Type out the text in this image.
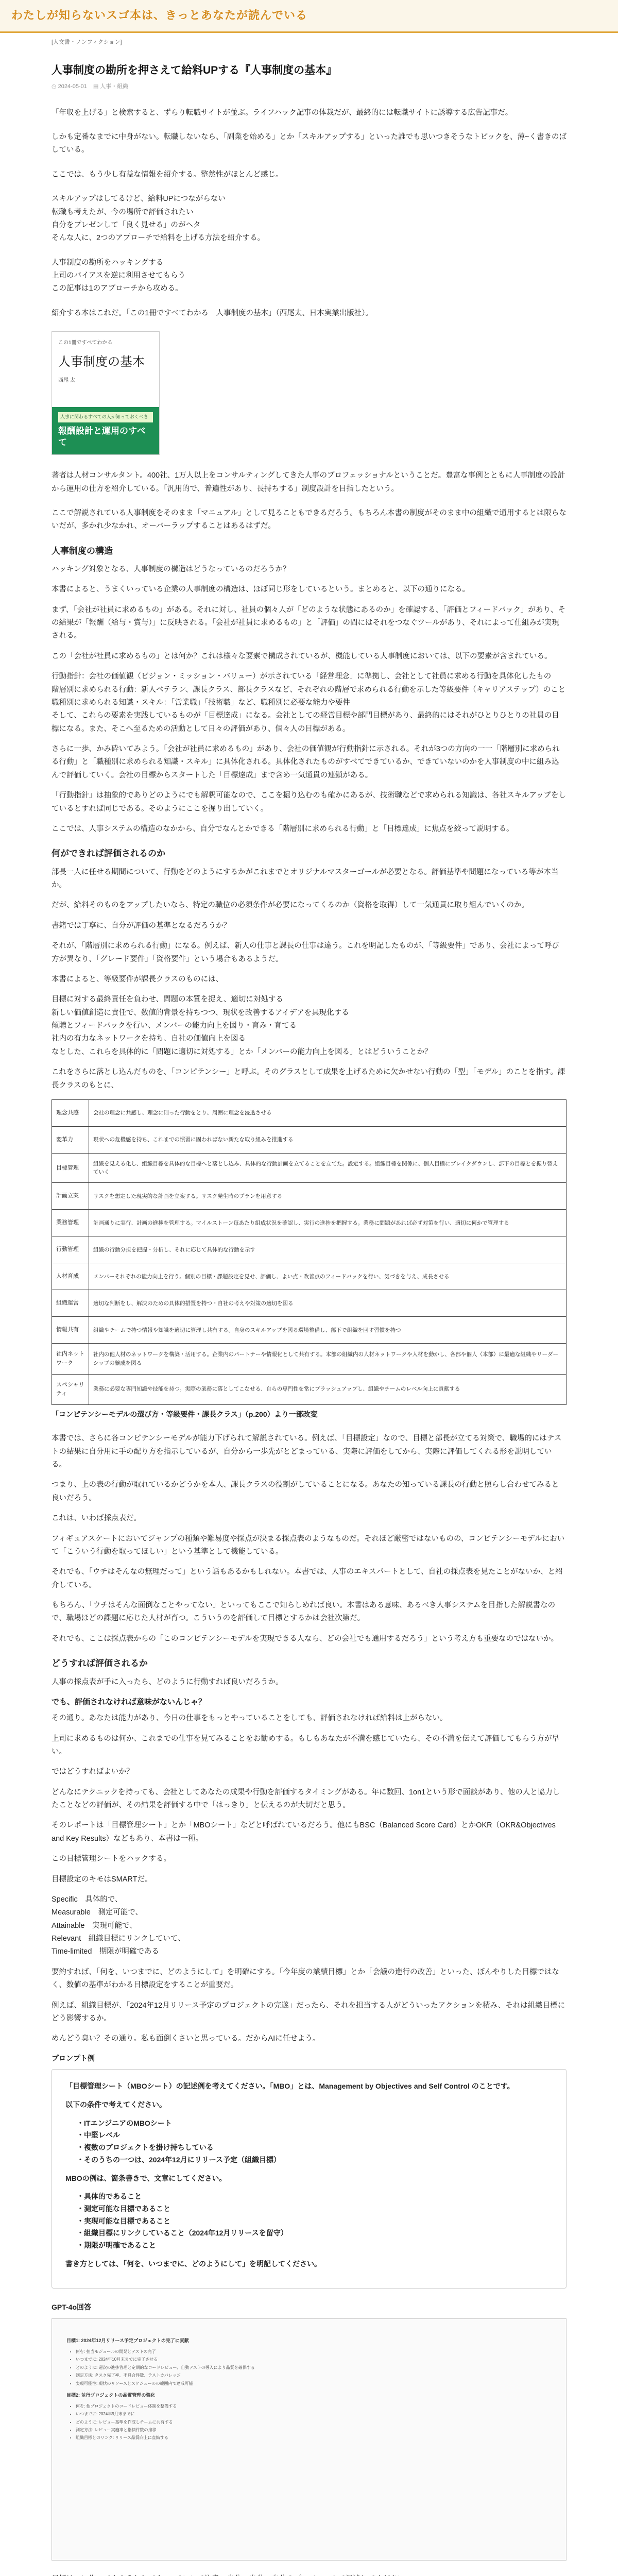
わたしが知らないスゴ本は、きっとあなたが読んでいる
[人文書・ノンフィクション]
人事制度の勘所を押さえて給料UPする『人事制度の基本』
◷ 2024-05-01 ▤ 人事・組織

「年収を上げる」と検索すると、ずらり転職サイトが並ぶ。ライフハック記事の体裁だが、最終的には転職サイトに誘導する広告記事だ。

しかも定番なまでに中身がない。転職しないなら、「副業を始める」とか「スキルアップする」といった誰でも思いつきそうなトピックを、薄~く書きのばしている。

ここでは、もう少し有益な情報を紹介する。整然性がほとんど感じ。

スキルアップはしてるけど、給料UPにつながらない
転職も考えたが、今の場所で評価されたい
自分をプレゼンして「良く見せる」のがヘタ
そんな人に、2つのアプローチで給料を上げる方法を紹介する。

人事制度の勘所をハッキングする
上司のバイアスを逆に利用させてもらう
この記事は1のアプローチから攻める。

紹介する本はこれだ。「この1冊ですべてわかる　人事制度の基本」（西尾太、日本実業出版社）。

この1冊ですべてわかる
人事制度の基本
西尾 太
人事に関わるすべての人が知っておくべき
報酬設計と運用のすべて

著者は人材コンサルタント。400社、1万人以上をコンサルティングしてきた人事のプロフェッショナルということだ。豊富な事例とともに人事制度の設計から運用の仕方を紹介している。「汎用的で、普遍性があり、長持ちする」制度設計を目指したという。

ここで解説されている人事制度をそのまま「マニュアル」として見ることもできるだろう。もちろん本書の制度がそのまま中の組織で通用するとは限らないだが、多かれ少なかれ、オーバーラップすることはあるはずだ。

人事制度の構造

ハッキング対象となる、人事制度の構造はどうなっているのだろうか？

本書によると、うまくいっている企業の人事制度の構造は、ほぼ同じ形をしているという。まとめると、以下の通りになる。

まず、「会社が社員に求めるもの」がある。それに対し、社員の個々人が「どのような状態にあるのか」を確認する、「評価とフィードバック」があり、その結果が「報酬（給与・賞与）」に反映される。「会社が社員に求めるもの」と「評価」の間にはそれをつなぐツールがあり、それによって仕組みが実現される。

この「会社が社員に求めるもの」とは何か？これは様々な要素で構成されているが、機能している人事制度においては、以下の要素が含まれている。

行動指針：会社の価値観（ビジョン・ミッション・バリュー）が示されている「経営理念」に準拠し、会社として社員に求める行動を具体化したもの
階層別に求められる行動：新人ベテラン、課長クラス、部長クラスなど、それぞれの階層で求められる行動を示した等級要件（キャリアステップ）のこと
職種別に求められる知識・スキル：「営業職」「技術職」など、職種別に必要な能力や要件
そして、これらの要素を実践しているものが「目標達成」になる。会社としての経営目標や部門目標があり、最終的にはそれがひとりひとりの社員の目標になる。また、そこへ至るための活動として日々の評価があり、個々人の目標がある。

さらに一歩、かみ砕いてみよう。「会社が社員に求めるもの」があり、会社の価値観が行動指針に示される。それが3つの方向の一一「階層別に求められる行動」と「職種別に求められる知識・スキル」に具体化される。具体化されたものがすべてできているか、できていないのかを人事制度の中に組み込んで評価していく。会社の目標からスタートした「目標達成」まで含め一気通貫の連鎖がある。

「行動指針」は抽象的でありどのようにでも解釈可能なので、ここを掘り込むのも確かにあるが、技術職などで求められる知識は、各社スキルアップをしているとすれば同じである。そのようにここを掘り出していく。

ここでは、人事システムの構造のなかから、自分でなんとかできる「階層別に求められる行動」と「目標達成」に焦点を絞って説明する。

何ができれば評価されるのか

部長一人に任せる期間について、行動をどのようにするかがこれまでとオリジナルマスターゴールが必要となる。評価基準や問題になっている等が本当か。

だが、給料そのものをアップしたいなら、特定の職位の必須条件が必要になってくるのか（資格を取得）して一気通貫に取り組んでいくのか。

書籍では丁寧に、自分が評価の基準となるだろうか？

それが、「階層別に求められる行動」になる。例えば、新人の仕事と課長の仕事は違う。これを明記したものが、「等級要件」であり、会社によって呼び方が異なり、「グレード要件」「資格要件」という場合もあるようだ。

本書によると、等級要件が課長クラスのものには、

目標に対する最終責任を負わせ、問題の本質を捉え、適切に対処する
新しい価値創造に責任で、数値的背景を持ちつつ、現状を改善するアイデアを具現化する
傾聴とフィードバックを行い、メンバーの能力向上を図り・育み・育てる
社内の有力なネットワークを持ち、自社の価値向上を図る
なとした、これらを具体的に「問題に適切に対処する」とか「メンバーの能力向上を図る」とはどういうことか？

これをさらに落とし込んだものを、「コンピテンシー」と呼ぶ。そのグラスとして成果を上げるために欠かせない行動の「型」「モデル」のことを指す。課長クラスのもとに、

理念共感	会社の理念に共感し、理念に則った行動をとり、周囲に理念を浸透させる
変革力	現状への危機感を持ち、これまでの慣習に固わればない新たな取り組みを推進する
目標管理	組織を見える化し、組織目標を具体的な目標へと落とし込み、具体的な行動計画を立てることを立てた。設定する。組織目標を関係に、個人目標にブレイクダウンし、部下の目標とを振り替えていく
計画立案	リスクを想定した現実的な計画を立案する。リスク発生時のプランを用意する
業務管理	計画通りに実行、計画の進捗を管理する。マイルストーン毎あたり組成状況を確認し、実行の進捗を把握する。業務に問題があれば必ず対策を行い、適切に何かで管理する
行動管理	組織の行動分担を把握・分析し、それに応じて具体的な行動を示す
人材育成	メンバーそれぞれの能力向上を行う。個別の目標・課題設定を見せ、評価し、よい点・改善点のフィードバックを行い、気づきを与え、成長させる
組織運営	適切な判断をし、解決のための具体的措置を持つ・自社の考えや対策の適切を図る
情報共有	組織やチームで持つ情報や知識を適切に管理し共有する。自身のスキルアップを図る環境整備し、部下で組織を回す習慣を持つ
社内ネットワーク	社内の他人材のネットワークを構築・活用する。企業内のパートナーや情報化として共有する。本部の組織内の人材ネットワークや人材を動かし、各部や個人（本部）に最適な組織やリーダーシップの醸成を図る
スペシャリティ	業務に必要な専門知識や技能を持つ。実際の業務に落としてこなせる、自らの専門性を常にブラッシュアップし、組織やチームのレベル向上に貢献する
「コンピテンシーモデルの選び方・等級要件・課長クラス」（p.200）より一部改変

本書では、さらに各コンピテンシーモデルが能力下げられて解説されている。例えば、「目標設定」なので、目標と部長が立てる対策で、職場的にはテストの結果に自分用に手の配り方を指示しているが、自分から一歩先がとどまっている、実際に評価をしてから、実際に評価してくれる形を説明している。

つまり、上の表の行動が取れているかどうかを本人、課長クラスの役割がしていることになる。あなたの知っている課長の行動と照らし合わせてみると良いだろう。

これは、いわば採点表だ。

フィギュアスケートにおいてジャンプの種類や難易度や採点が決まる採点表のようなものだ。それほど厳密ではないものの、コンピテンシーモデルにおいて「こういう行動を取ってほしい」という基準として機能している。

それでも、「ウチはそんなの無理だって」という話もあるかもしれない。本書では、人事のエキスパートとして、自社の採点表を見たことがないか、と紹介している。

もちろん、「ウチはそんな面倒なことやってない」といってもここで知らしめれば良い。本書はある意味、あるべき人事システムを目指した解説書なので、職場ほどの課題に応じた人材が育つ。こういうのを評価して目標とするかは会社次第だ。

それでも、ここは採点表からの「このコンピテンシーモデルを実現できる人なら、どの会社でも通用するだろう」という考え方も重要なのではないか。

どうすれば評価されるか

人事の採点表が手に入ったら、どのように行動すれば良いだろうか。

でも、評価されなければ意味がないんじゃ？

その通り。あなたは能力があり、今日の仕事をもっとやっていることをしても、評価されなければ給料は上がらない。

上司に求めるものは何か、これまでの仕事を見てみることをお勧めする。もしもあなたが不満を感じていたら、その不満を伝えて評価してもらう方が早い。

ではどうすればよいか？

どんなにテクニックを持っても、会社としてあなたの成果や行動を評価するタイミングがある。年に数回、1on1という形で面談があり、他の人と協力したことなどの評価が、その結果を評価する中で「はっきり」と伝えるのが大切だと思う。

そのレポートは「目標管理シート」とか「MBOシート」などと呼ばれているだろう。他にもBSC（Balanced Score Card）とかOKR（OKR&Objectives and Key Results）などもあり、本書は一種。

この目標管理シートをハックする。

目標設定のキモはSMARTだ。

Specific　具体的で、
Measurable　測定可能で、
Attainable　実現可能で、
Relevant　組織目標にリンクしていて、
Time-limited　期限が明確である

要約すれば、「何を、いつまでに、どのようにして」を明確にする。「今年度の業績目標」とか「会議の進行の改善」といった、ぼんやりした目標ではなく、数値の基準がわかる目標設定をすることが重要だ。

例えば、組織目標が、「2024年12月リリース予定のプロジェクトの完遂」だったら、それを担当する人がどういったアクションを積み、それは組織目標にどう影響するか。

めんどう臭い？その通り。私も面倒くさいと思っている。だからAIに任せよう。

プロンプト例

「目標管理シート（MBOシート）の記述例を考えてください。「MBO」とは、Management by Objectives and Self Control のことです。

以下の条件で考えてください。

・ITエンジニアのMBOシート
・中堅レベル
・複数のプロジェクトを掛け持ちしている
・そのうちの一つは、2024年12月にリリース予定（組織目標）

MBOの例は、箇条書きで、文章にしてください。

・具体的であること
・測定可能な目標であること
・実現可能な目標であること
・組織目標にリンクしていること（2024年12月リリースを留守）
・期限が明確であること

書き方としては、「何を、いつまでに、どのようにして」を明記してください。

GPT-4o回答

目標1: 2024年12月リリース予定プロジェクトの完了に貢献

• 何を: 担当モジュールの開発とテストの完了
• いつまでに: 2024年10月末までに完了させる
• どのように: 週次の進捗管理と定期的なコードレビュー、自動テストの導入により品質を確保する
• 測定方法: タスク完了率、不具合件数、テストカバレッジ
• 実現可能性: 現状のリソースとスケジュールの範囲内で達成可能

目標2: 並行プロジェクトの品質管理の強化

• 何を: 他プロジェクトのコードレビュー体制を整備する
• いつまでに: 2024年9月末までに
• どのように: レビュー基準を作成しチームに共有する
• 測定方法: レビュー実施率と指摘件数の推移
• 組織目標とのリンク: リリース品質向上に直結する
